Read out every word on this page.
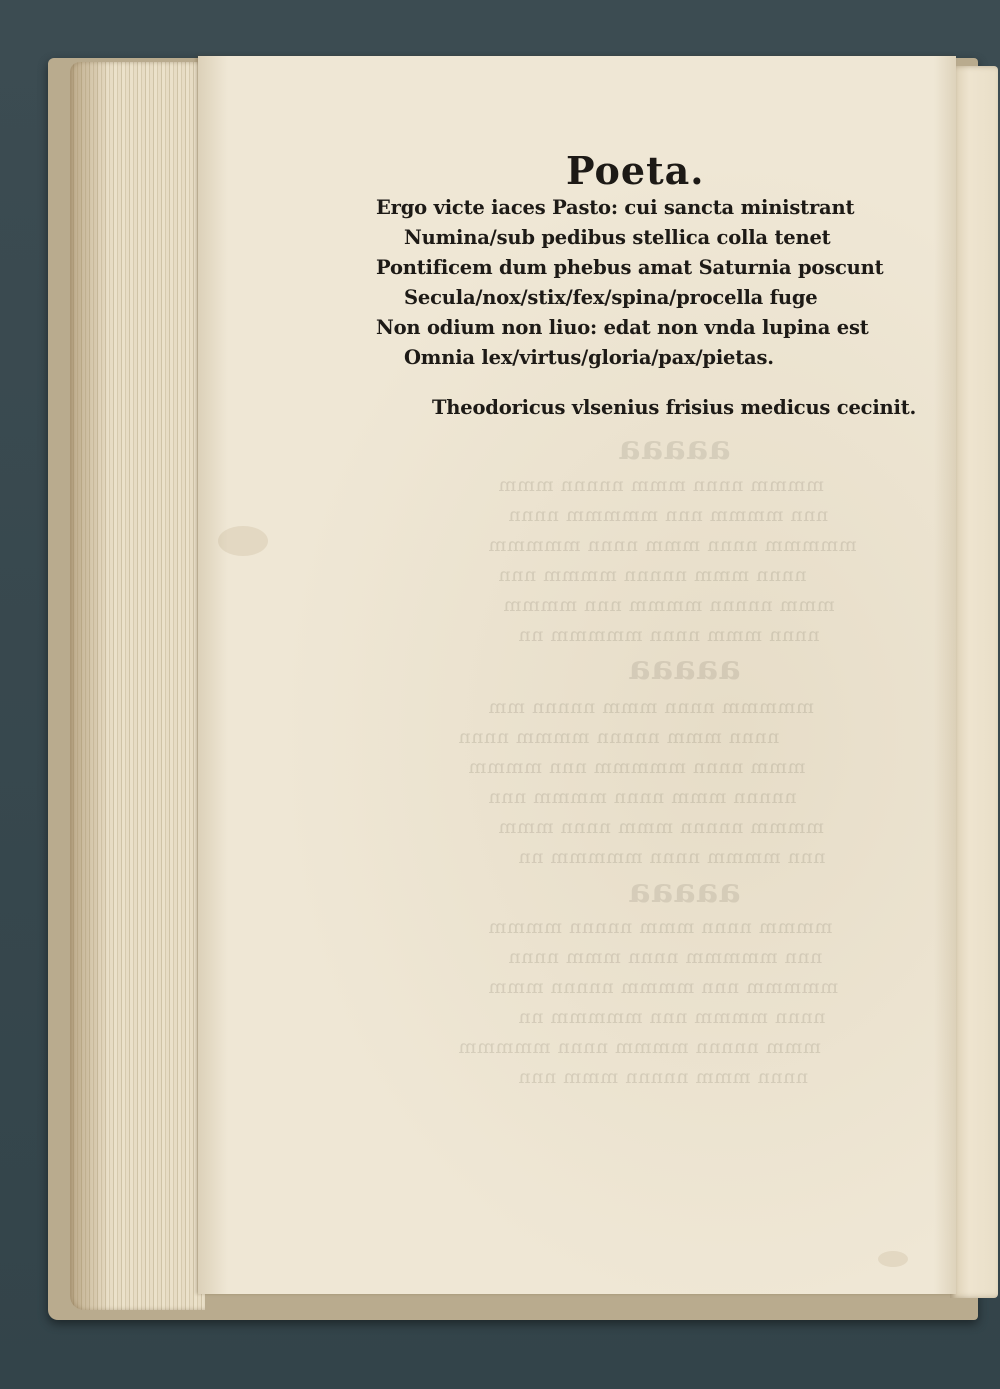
aaaaa
mmmm nnnn mmm nnnnn mmm
nnn mmmm nnn mmmmm nnnn
mmmmm nnnn mmm nnnn mmmmm
nnnn mmm nnnnn mmmm nnn
mmm nnnnn mmmm nnn mmmm
nnnn mmm nnnn mmmmm nn
aaaaa
mmmmm nnnn mmm nnnnn mm
nnnn mmm nnnnn mmmm nnnn
mmm nnnn mmmmm nnn mmmm
nnnnn mmm nnnn mmmm nnn
mmmm nnnnn mmm nnnn mmm
nnn mmmm nnnn mmmmm nn
aaaaa
mmmm nnnn mmm nnnnn mmmm
nnn mmmmm nnnn mmm nnnn
mmmmm nnn mmmm nnnnn mmm
nnnn mmmm nnn mmmmm nn
mmm nnnnn mmmm nnnn mmmmm
nnnn mmm nnnnn mmm nnn
Poeta.
Ergo victe iaces Pasto: cui sancta ministrant
Numina/sub pedibus stellica colla tenet
Pontificem dum phebus amat Saturnia poscunt
Secula/nox/stix/fex/spina/procella fuge
Non odium non liuo: edat non vnda lupina est
Omnia lex/virtus/gloria/pax/pietas.
Theodoricus vlsenius frisius medicus cecinit.
